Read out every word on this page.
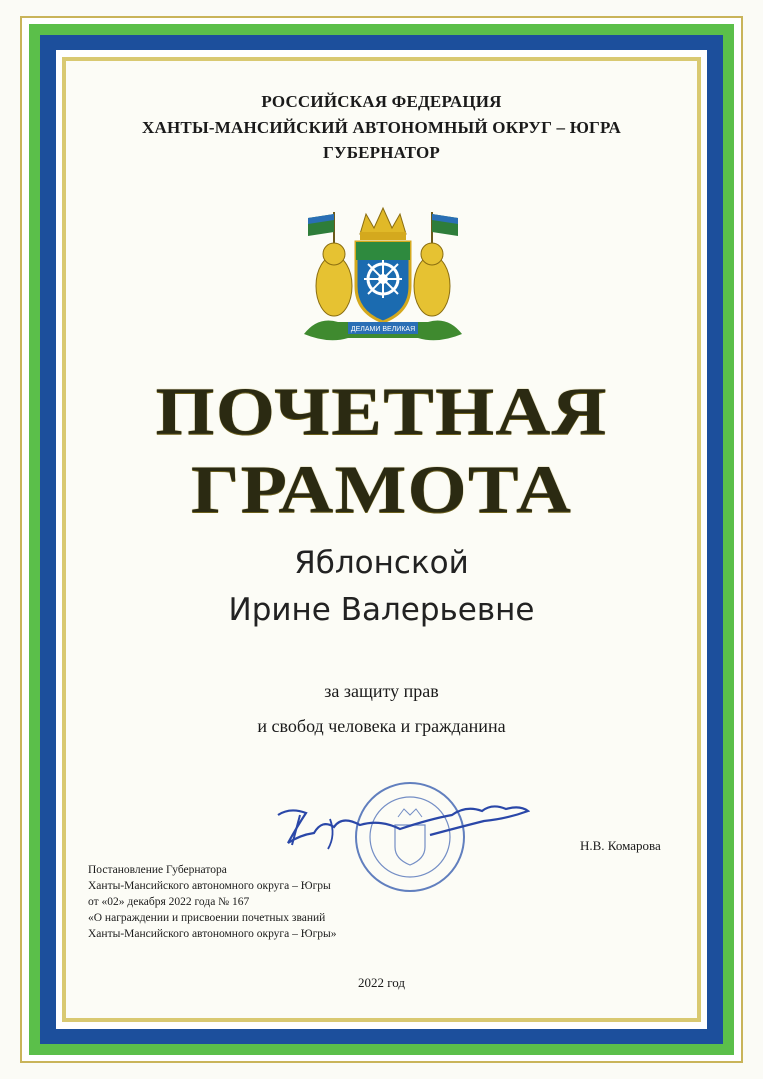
РОССИЙСКАЯ ФЕДЕРАЦИЯ
ХАНТЫ-МАНСИЙСКИЙ АВТОНОМНЫЙ ОКРУГ – ЮГРА
ГУБЕРНАТОР
ДЕЛАМИ ВЕЛИКАЯ
ПОЧЕТНАЯ
ГРАМОТА
Яблонской
Ирине Валерьевне
за защиту прав
и свобод человека и гражданина
Н.В. Комарова
Постановление Губернатора
Ханты-Мансийского автономного округа – Югры
от «02» декабря 2022 года № 167
«О награждении и присвоении почетных званий
Ханты-Мансийского автономного округа – Югры»
2022 год
